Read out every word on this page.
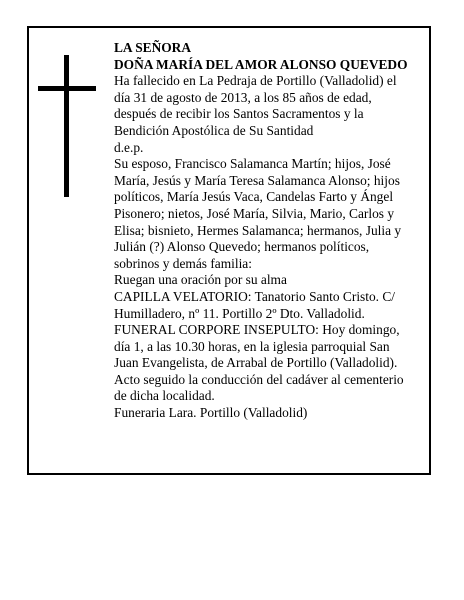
LA SEÑORA
DOÑA MARÍA DEL AMOR ALONSO QUEVEDO
Ha fallecido en La Pedraja de Portillo (Valladolid) el
día 31 de agosto de 2013, a los 85 años de edad,
después de recibir los Santos Sacramentos y la
Bendición Apostólica de Su Santidad
d.e.p.
Su esposo, Francisco Salamanca Martín; hijos, José
María, Jesús y María Teresa Salamanca Alonso; hijos
políticos, María Jesús Vaca, Candelas Farto y Ángel
Pisonero; nietos, José María, Silvia, Mario, Carlos y
Elisa; bisnieto, Hermes Salamanca; hermanos, Julia y
Julián (?) Alonso Quevedo; hermanos políticos,
sobrinos y demás familia:
Ruegan una oración por su alma
CAPILLA VELATORIO: Tanatorio Santo Cristo. C/
Humilladero, nº 11. Portillo 2º Dto. Valladolid.
FUNERAL CORPORE INSEPULTO: Hoy domingo,
día 1, a las 10.30 horas, en la iglesia parroquial San
Juan Evangelista, de Arrabal de Portillo (Valladolid).
Acto seguido la conducción del cadáver al cementerio
de dicha localidad.
Funeraria Lara. Portillo (Valladolid)
